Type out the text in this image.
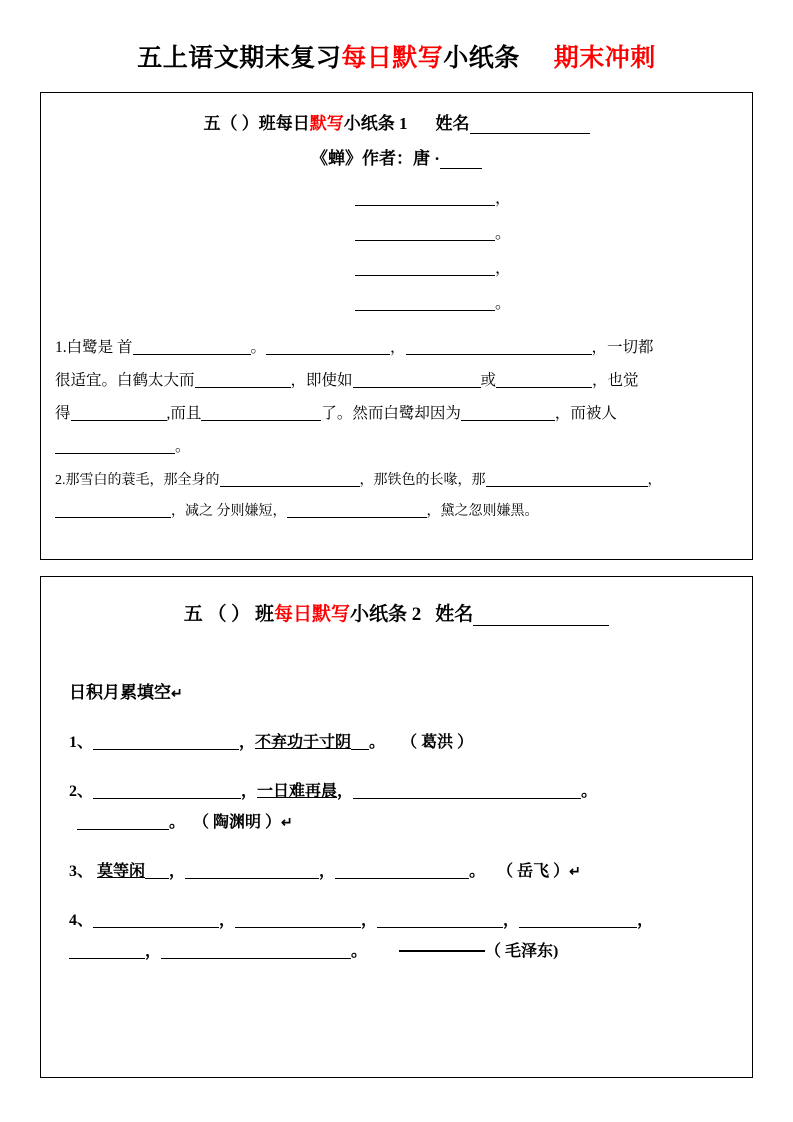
五上语文期末复习每日默写小纸条 期末冲刺
五（ ）班每日默写小纸条 1 姓名
《蝉》作者：唐 ·
，
。
，
。
1.白鹭是 首	。	，	，一切都
很适宜。白鹤太大而	，即使如	或	，也觉
得	,而且	了。然而白鹭却因为	，而被人
。
2.那雪白的蓑毛，那全身的	，那铁色的长喙，那	，
，减之 分则嫌短，	，黛之忽则嫌黑。
五 （ ） 班每日默写小纸条 2 姓名
日积月累填空↵
1、	，不弃功于寸阴 。 （ 葛洪 ）
2、	，一日难再晨，	。
。 （ 陶渊明 ）↵
3、 莫等闲 ，	，	。 （ 岳飞 ）↵
4、	，	，	，	，
，	。	（ 毛泽东)
